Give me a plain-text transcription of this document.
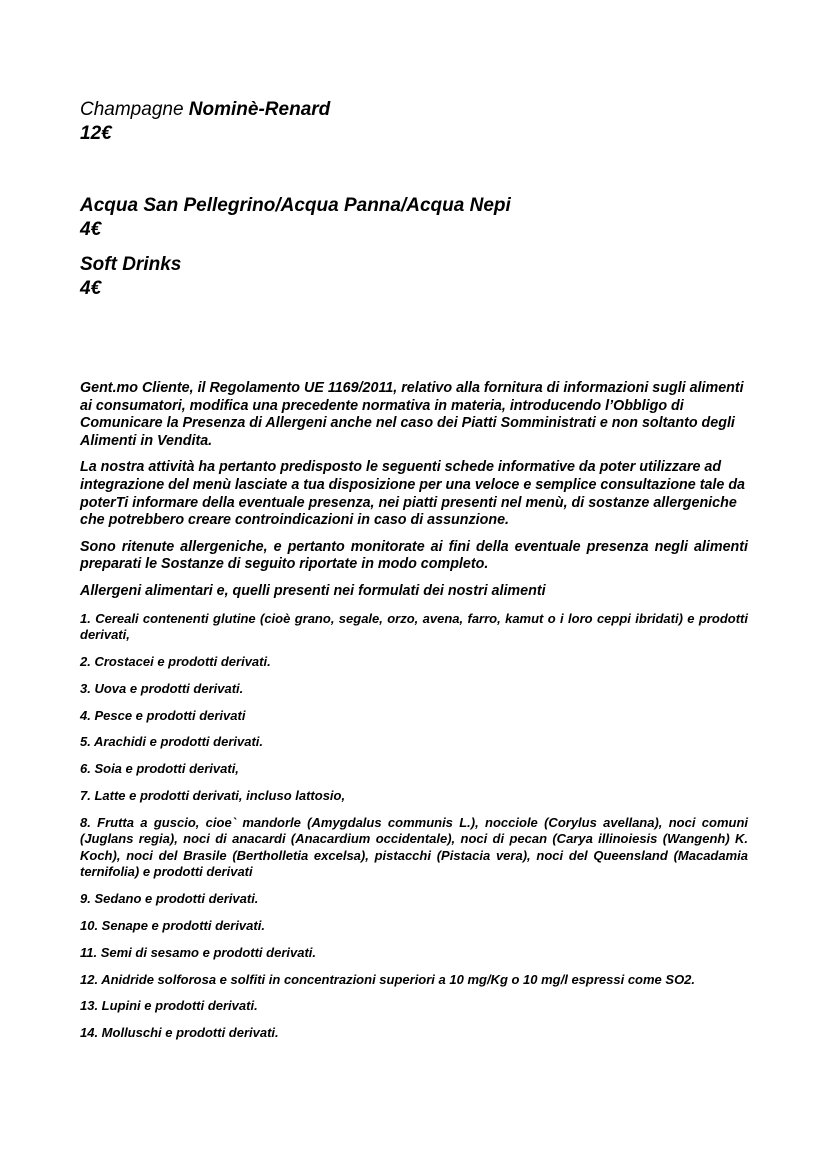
Champagne Nominè-Renard
12€
Acqua San Pellegrino/Acqua Panna/Acqua Nepi
4€
Soft Drinks
4€

Gent.mo Cliente, il Regolamento UE 1169/2011, relativo alla fornitura di informazioni sugli alimenti ai consumatori, modifica una precedente normativa in materia, introducendo l’Obbligo di Comunicare la Presenza di Allergeni anche nel caso dei Piatti Somministrati e non soltanto degli Alimenti in Vendita.

La nostra attività ha pertanto predisposto le seguenti schede informative da poter utilizzare ad integrazione del menù lasciate a tua disposizione per una veloce e semplice consultazione tale da poterTi informare della eventuale presenza, nei piatti presenti nel menù, di sostanze allergeniche che potrebbero creare controindicazioni in caso di assunzione.

Sono ritenute allergeniche, e pertanto monitorate ai fini della eventuale presenza negli alimenti preparati le Sostanze di seguito riportate in modo completo.

Allergeni alimentari e, quelli presenti nei formulati dei nostri alimenti

1. Cereali contenenti glutine (cioè grano, segale, orzo, avena, farro, kamut o i loro ceppi ibridati) e prodotti derivati,
2. Crostacei e prodotti derivati.
3. Uova e prodotti derivati.
4. Pesce e prodotti derivati
5. Arachidi e prodotti derivati.
6. Soia e prodotti derivati,
7. Latte e prodotti derivati, incluso lattosio,
8. Frutta a guscio, cioe` mandorle (Amygdalus communis L.), nocciole (Corylus avellana), noci comuni (Juglans regia), noci di anacardi (Anacardium occidentale), noci di pecan (Carya illinoiesis (Wangenh) K. Koch), noci del Brasile (Bertholletia excelsa), pistacchi (Pistacia vera), noci del Queensland (Macadamia ternifolia) e prodotti derivati
9. Sedano e prodotti derivati.
10. Senape e prodotti derivati.
11. Semi di sesamo e prodotti derivati.
12. Anidride solforosa e solfiti in concentrazioni superiori a 10 mg/Kg o 10 mg/l espressi come SO2.
13. Lupini e prodotti derivati.
14. Molluschi e prodotti derivati.
